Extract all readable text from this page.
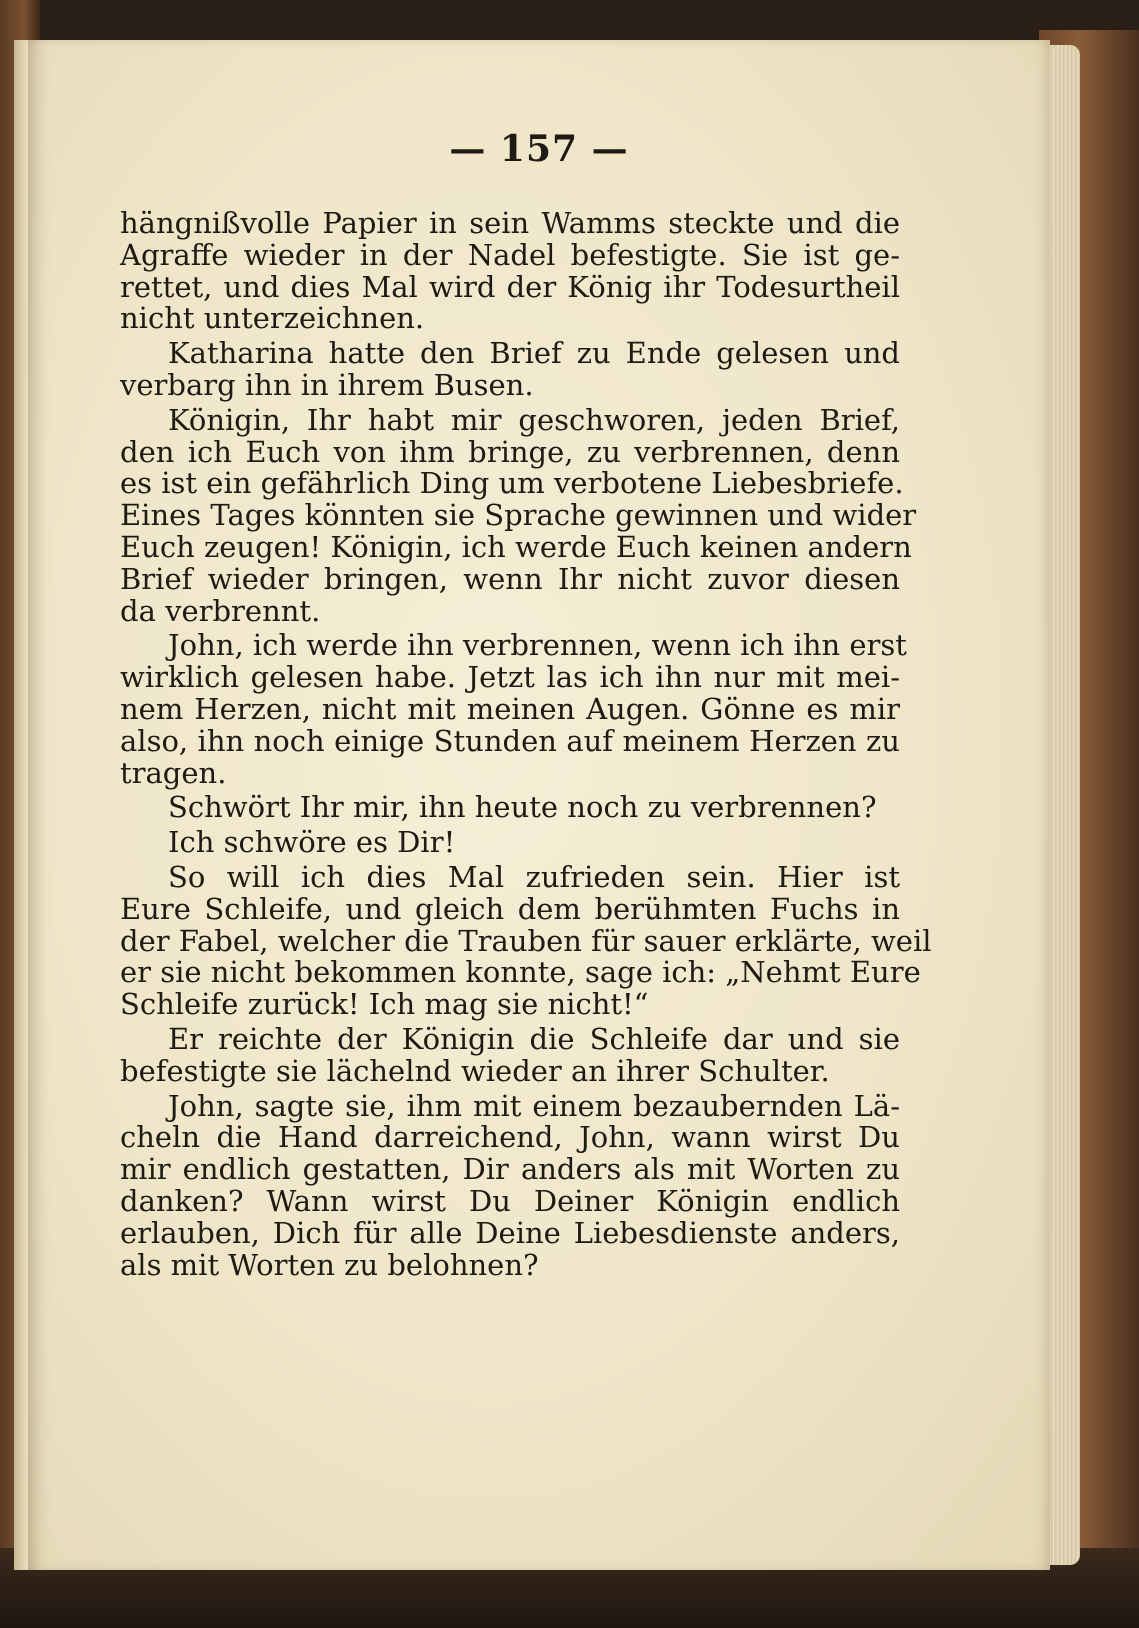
— 157 —
hängnißvolle Papier in sein Wamms steckte und die
Agraffe wieder in der Nadel befestigte. Sie ist ge-
rettet, und dies Mal wird der König ihr Todesurtheil
nicht unterzeichnen.
Katharina hatte den Brief zu Ende gelesen und
verbarg ihn in ihrem Busen.
Königin, Ihr habt mir geschworen, jeden Brief,
den ich Euch von ihm bringe, zu verbrennen, denn
es ist ein gefährlich Ding um verbotene Liebesbriefe.
Eines Tages könnten sie Sprache gewinnen und wider
Euch zeugen! Königin, ich werde Euch keinen andern
Brief wieder bringen, wenn Ihr nicht zuvor diesen
da verbrennt.
John, ich werde ihn verbrennen, wenn ich ihn erst
wirklich gelesen habe. Jetzt las ich ihn nur mit mei-
nem Herzen, nicht mit meinen Augen. Gönne es mir
also, ihn noch einige Stunden auf meinem Herzen zu
tragen.
Schwört Ihr mir, ihn heute noch zu verbrennen?
Ich schwöre es Dir!
So will ich dies Mal zufrieden sein. Hier ist
Eure Schleife, und gleich dem berühmten Fuchs in
der Fabel, welcher die Trauben für sauer erklärte, weil
er sie nicht bekommen konnte, sage ich: „Nehmt Eure
Schleife zurück! Ich mag sie nicht!“
Er reichte der Königin die Schleife dar und sie
befestigte sie lächelnd wieder an ihrer Schulter.
John, sagte sie, ihm mit einem bezaubernden Lä-
cheln die Hand darreichend, John, wann wirst Du
mir endlich gestatten, Dir anders als mit Worten zu
danken? Wann wirst Du Deiner Königin endlich
erlauben, Dich für alle Deine Liebesdienste anders,
als mit Worten zu belohnen?
